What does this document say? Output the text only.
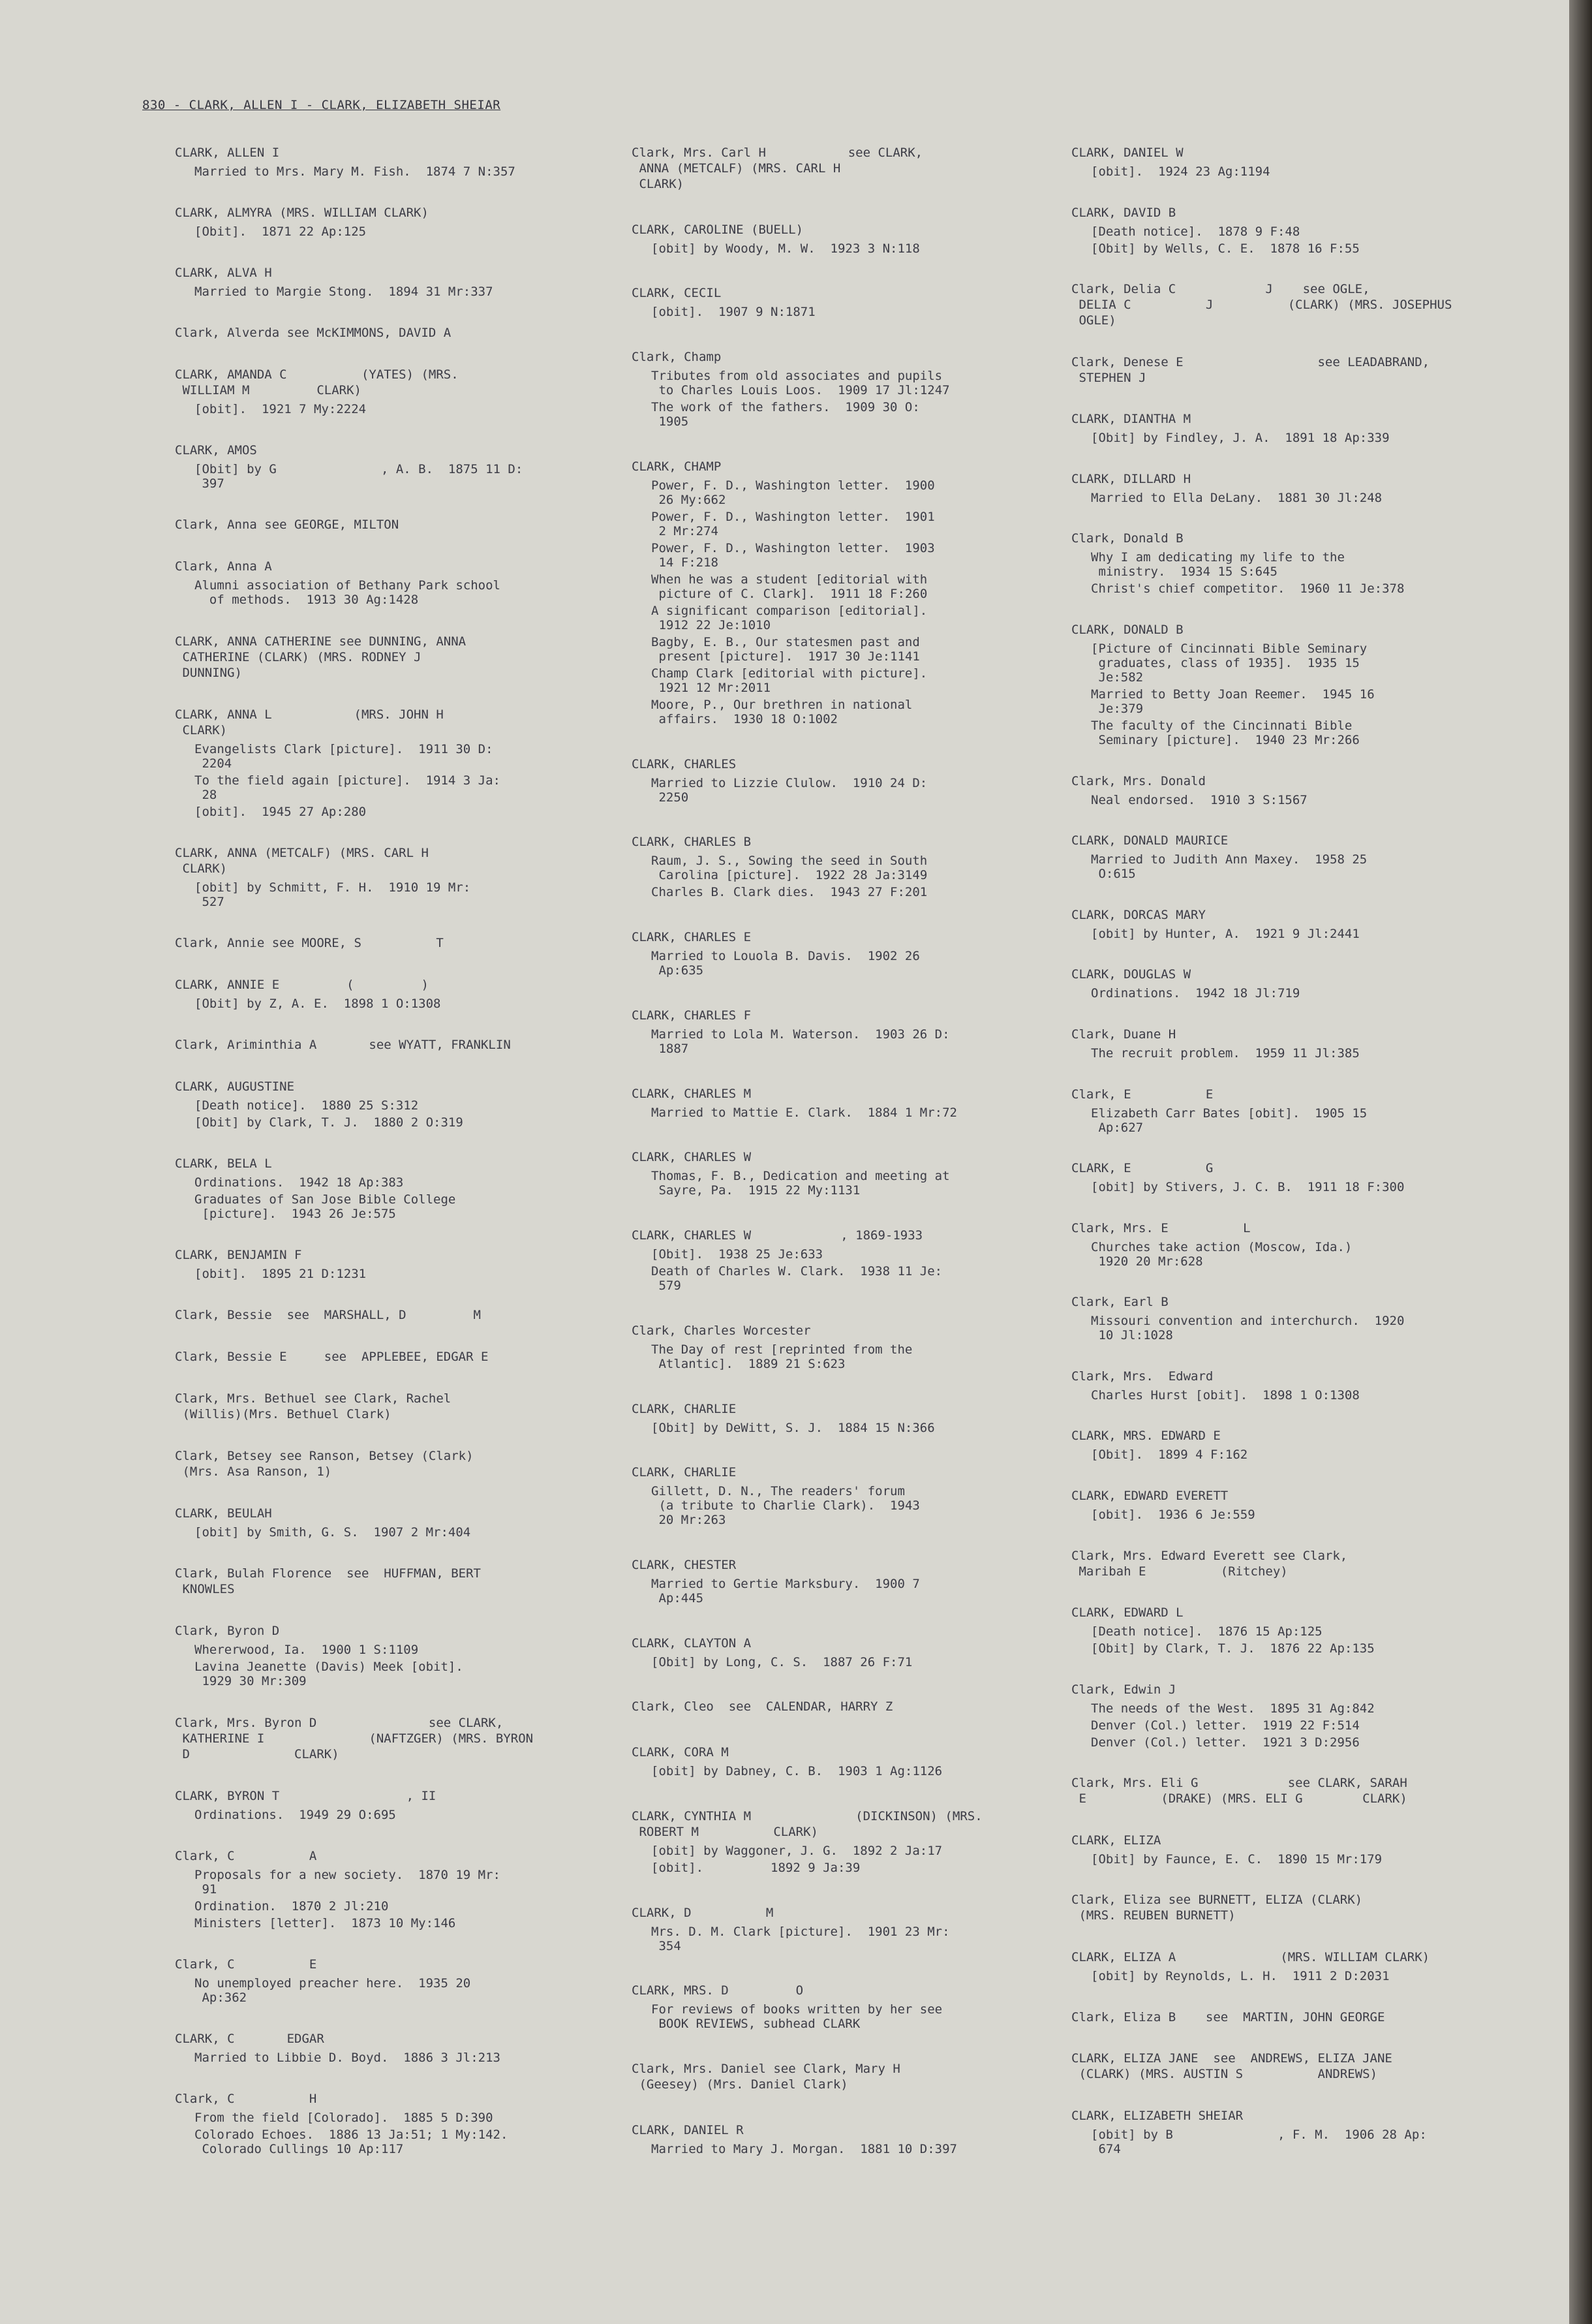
830 - CLARK, ALLEN I - CLARK, ELIZABETH SHEIAR
CLARK, ALLEN I
Married to Mrs. Mary M. Fish.  1874 7 N:357
CLARK, ALMYRA (MRS. WILLIAM CLARK)
[Obit].  1871 22 Ap:125
CLARK, ALVA H
Married to Margie Stong.  1894 31 Mr:337
Clark, Alverda see McKIMMONS, DAVID A
CLARK, AMANDA C          (YATES) (MRS.
WILLIAM M         CLARK)
[obit].  1921 7 My:2224
CLARK, AMOS
[Obit] by G              , A. B.  1875 11 D:
397
Clark, Anna see GEORGE, MILTON
Clark, Anna A
Alumni association of Bethany Park school
of methods.  1913 30 Ag:1428
CLARK, ANNA CATHERINE see DUNNING, ANNA
CATHERINE (CLARK) (MRS. RODNEY J
DUNNING)
CLARK, ANNA L           (MRS. JOHN H
CLARK)
Evangelists Clark [picture].  1911 30 D:
2204
To the field again [picture].  1914 3 Ja:
28
[obit].  1945 27 Ap:280
CLARK, ANNA (METCALF) (MRS. CARL H
CLARK)
[obit] by Schmitt, F. H.  1910 19 Mr:
527
Clark, Annie see MOORE, S          T
CLARK, ANNIE E         (         )
[Obit] by Z, A. E.  1898 1 O:1308
Clark, Ariminthia A       see WYATT, FRANKLIN
CLARK, AUGUSTINE
[Death notice].  1880 25 S:312
[Obit] by Clark, T. J.  1880 2 O:319
CLARK, BELA L
Ordinations.  1942 18 Ap:383
Graduates of San Jose Bible College
[picture].  1943 26 Je:575
CLARK, BENJAMIN F
[obit].  1895 21 D:1231
Clark, Bessie  see  MARSHALL, D         M
Clark, Bessie E     see  APPLEBEE, EDGAR E
Clark, Mrs. Bethuel see Clark, Rachel
(Willis)(Mrs. Bethuel Clark)
Clark, Betsey see Ranson, Betsey (Clark)
(Mrs. Asa Ranson, 1)
CLARK, BEULAH
[obit] by Smith, G. S.  1907 2 Mr:404
Clark, Bulah Florence  see  HUFFMAN, BERT
KNOWLES
Clark, Byron D
Whererwood, Ia.  1900 1 S:1109
Lavina Jeanette (Davis) Meek [obit].
1929 30 Mr:309
Clark, Mrs. Byron D               see CLARK,
KATHERINE I              (NAFTZGER) (MRS. BYRON
D              CLARK)
CLARK, BYRON T                 , II
Ordinations.  1949 29 O:695
Clark, C          A
Proposals for a new society.  1870 19 Mr:
91
Ordination.  1870 2 Jl:210
Ministers [letter].  1873 10 My:146
Clark, C          E
No unemployed preacher here.  1935 20
Ap:362
CLARK, C       EDGAR
Married to Libbie D. Boyd.  1886 3 Jl:213
Clark, C          H
From the field [Colorado].  1885 5 D:390
Colorado Echoes.  1886 13 Ja:51; 1 My:142.
Colorado Cullings 10 Ap:117
Clark, Mrs. Carl H           see CLARK,
ANNA (METCALF) (MRS. CARL H
CLARK)
CLARK, CAROLINE (BUELL)
[obit] by Woody, M. W.  1923 3 N:118
CLARK, CECIL
[obit].  1907 9 N:1871
Clark, Champ
Tributes from old associates and pupils
to Charles Louis Loos.  1909 17 Jl:1247
The work of the fathers.  1909 30 O:
1905
CLARK, CHAMP
Power, F. D., Washington letter.  1900
26 My:662
Power, F. D., Washington letter.  1901
2 Mr:274
Power, F. D., Washington letter.  1903
14 F:218
When he was a student [editorial with
picture of C. Clark].  1911 18 F:260
A significant comparison [editorial].
1912 22 Je:1010
Bagby, E. B., Our statesmen past and
present [picture].  1917 30 Je:1141
Champ Clark [editorial with picture].
1921 12 Mr:2011
Moore, P., Our brethren in national
affairs.  1930 18 O:1002
CLARK, CHARLES
Married to Lizzie Clulow.  1910 24 D:
2250
CLARK, CHARLES B
Raum, J. S., Sowing the seed in South
Carolina [picture].  1922 28 Ja:3149
Charles B. Clark dies.  1943 27 F:201
CLARK, CHARLES E
Married to Louola B. Davis.  1902 26
Ap:635
CLARK, CHARLES F
Married to Lola M. Waterson.  1903 26 D:
1887
CLARK, CHARLES M
Married to Mattie E. Clark.  1884 1 Mr:72
CLARK, CHARLES W
Thomas, F. B., Dedication and meeting at
Sayre, Pa.  1915 22 My:1131
CLARK, CHARLES W            , 1869-1933
[Obit].  1938 25 Je:633
Death of Charles W. Clark.  1938 11 Je:
579
Clark, Charles Worcester
The Day of rest [reprinted from the
Atlantic].  1889 21 S:623
CLARK, CHARLIE
[Obit] by DeWitt, S. J.  1884 15 N:366
CLARK, CHARLIE
Gillett, D. N., The readers' forum
(a tribute to Charlie Clark).  1943
20 Mr:263
CLARK, CHESTER
Married to Gertie Marksbury.  1900 7
Ap:445
CLARK, CLAYTON A
[Obit] by Long, C. S.  1887 26 F:71
Clark, Cleo  see  CALENDAR, HARRY Z
CLARK, CORA M
[obit] by Dabney, C. B.  1903 1 Ag:1126
CLARK, CYNTHIA M              (DICKINSON) (MRS.
ROBERT M          CLARK)
[obit] by Waggoner, J. G.  1892 2 Ja:17
[obit].         1892 9 Ja:39
CLARK, D          M
Mrs. D. M. Clark [picture].  1901 23 Mr:
354
CLARK, MRS. D         O
For reviews of books written by her see
BOOK REVIEWS, subhead CLARK
Clark, Mrs. Daniel see Clark, Mary H
(Geesey) (Mrs. Daniel Clark)
CLARK, DANIEL R
Married to Mary J. Morgan.  1881 10 D:397
CLARK, DANIEL W
[obit].  1924 23 Ag:1194
CLARK, DAVID B
[Death notice].  1878 9 F:48
[Obit] by Wells, C. E.  1878 16 F:55
Clark, Delia C            J    see OGLE,
DELIA C          J          (CLARK) (MRS. JOSEPHUS
OGLE)
Clark, Denese E                  see LEADABRAND,
STEPHEN J
CLARK, DIANTHA M
[Obit] by Findley, J. A.  1891 18 Ap:339
CLARK, DILLARD H
Married to Ella DeLany.  1881 30 Jl:248
Clark, Donald B
Why I am dedicating my life to the
ministry.  1934 15 S:645
Christ's chief competitor.  1960 11 Je:378
CLARK, DONALD B
[Picture of Cincinnati Bible Seminary
graduates, class of 1935].  1935 15
Je:582
Married to Betty Joan Reemer.  1945 16
Je:379
The faculty of the Cincinnati Bible
Seminary [picture].  1940 23 Mr:266
Clark, Mrs. Donald
Neal endorsed.  1910 3 S:1567
CLARK, DONALD MAURICE
Married to Judith Ann Maxey.  1958 25
O:615
CLARK, DORCAS MARY
[obit] by Hunter, A.  1921 9 Jl:2441
CLARK, DOUGLAS W
Ordinations.  1942 18 Jl:719
Clark, Duane H
The recruit problem.  1959 11 Jl:385
Clark, E          E
Elizabeth Carr Bates [obit].  1905 15
Ap:627
CLARK, E          G
[obit] by Stivers, J. C. B.  1911 18 F:300
Clark, Mrs. E          L
Churches take action (Moscow, Ida.)
1920 20 Mr:628
Clark, Earl B
Missouri convention and interchurch.  1920
10 Jl:1028
Clark, Mrs.  Edward
Charles Hurst [obit].  1898 1 O:1308
CLARK, MRS. EDWARD E
[Obit].  1899 4 F:162
CLARK, EDWARD EVERETT
[obit].  1936 6 Je:559
Clark, Mrs. Edward Everett see Clark,
Maribah E          (Ritchey)
CLARK, EDWARD L
[Death notice].  1876 15 Ap:125
[Obit] by Clark, T. J.  1876 22 Ap:135
Clark, Edwin J
The needs of the West.  1895 31 Ag:842
Denver (Col.) letter.  1919 22 F:514
Denver (Col.) letter.  1921 3 D:2956
Clark, Mrs. Eli G            see CLARK, SARAH
E          (DRAKE) (MRS. ELI G        CLARK)
CLARK, ELIZA
[Obit] by Faunce, E. C.  1890 15 Mr:179
Clark, Eliza see BURNETT, ELIZA (CLARK)
(MRS. REUBEN BURNETT)
CLARK, ELIZA A              (MRS. WILLIAM CLARK)
[obit] by Reynolds, L. H.  1911 2 D:2031
Clark, Eliza B    see  MARTIN, JOHN GEORGE
CLARK, ELIZA JANE  see  ANDREWS, ELIZA JANE
(CLARK) (MRS. AUSTIN S          ANDREWS)
CLARK, ELIZABETH SHEIAR
[obit] by B              , F. M.  1906 28 Ap:
674
